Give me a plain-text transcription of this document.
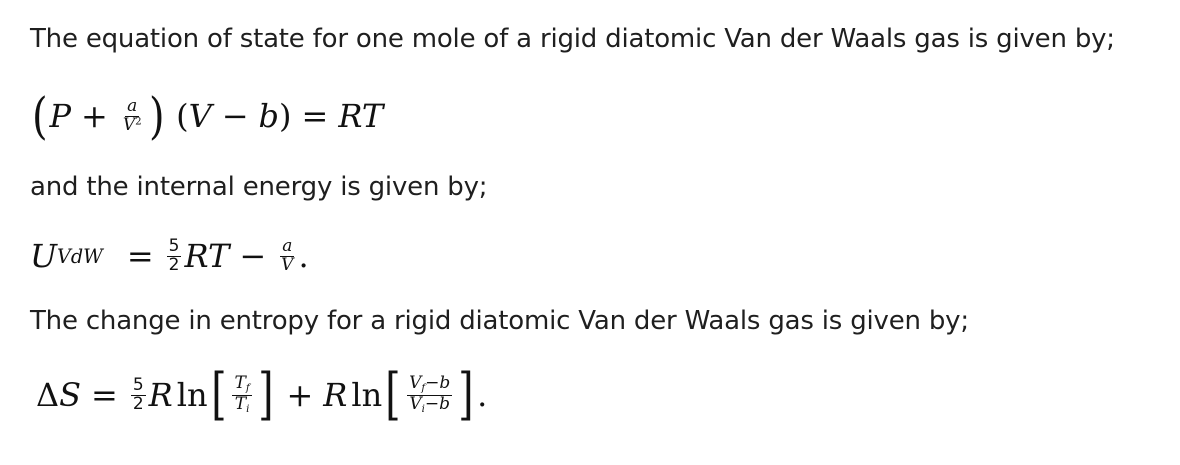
The equation of state for one mole of a rigid diatomic Van der Waals gas is given by;
( $P + \frac{a}{V^2}$ ) ( V − b ) = RT
and the internal energy is given by;
U VdW = $\frac{5}{2}$ RT − $\frac{a}{V}$ .
The change in entropy for a rigid diatomic Van der Waals gas is given by;
Δ $S = \frac{5}{2}$ R ln [ $\frac{T_f}{T_i}$ ] + R ln [ $\frac{V_f-b}{V_i-b}$ ] .
